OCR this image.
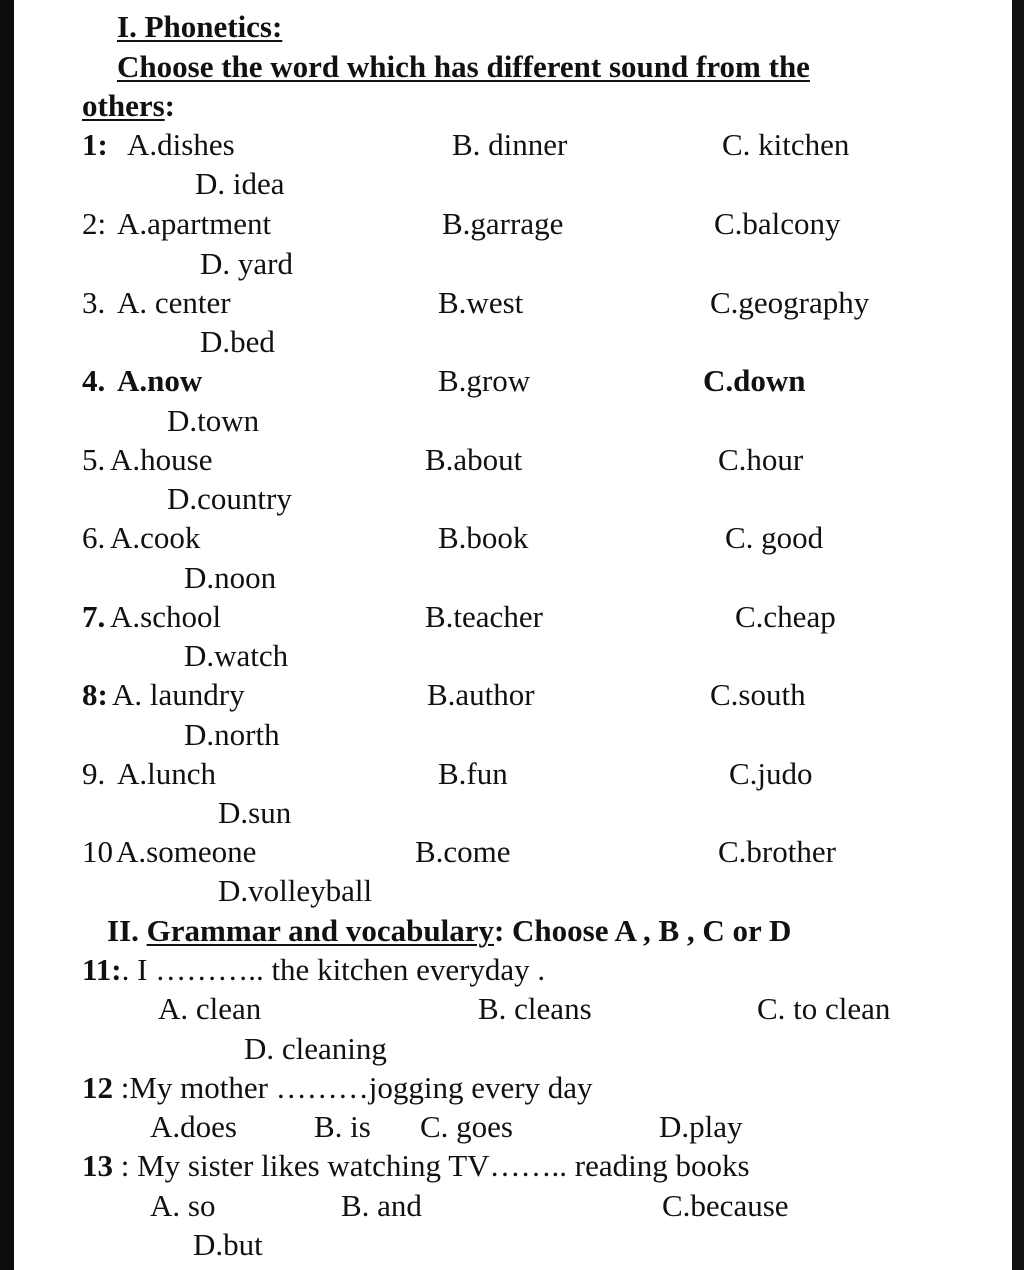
I. Phonetics:
Choose the word which has different sound from the
others:
1: A.dishes	B. dinner	C. kitchen
D. idea
2: A.apartment	B.garrage	C.balcony
D. yard
3. A. center	B.west	C.geography
D.bed
4. A.now	B.grow	C.down
D.town
5. A.house	B.about	C.hour
D.country
6. A.cook	B.book	C. good
D.noon
7. A.school	B.teacher	C.cheap
D.watch
8: A. laundry	B.author	C.south
D.north
9. A.lunch	B.fun	C.judo
D.sun
10 A.someone	B.come	C.brother
D.volleyball
II. Grammar and vocabulary: Choose A , B , C or D
11:. I ……….. the kitchen everyday .
A. clean	B. cleans	C. to clean
D. cleaning
12 :My mother ………jogging every day
A.does B. is C. goes	D.play
13 : My sister likes watching TV…….. reading books
A. so	B. and	C.because
D.but
